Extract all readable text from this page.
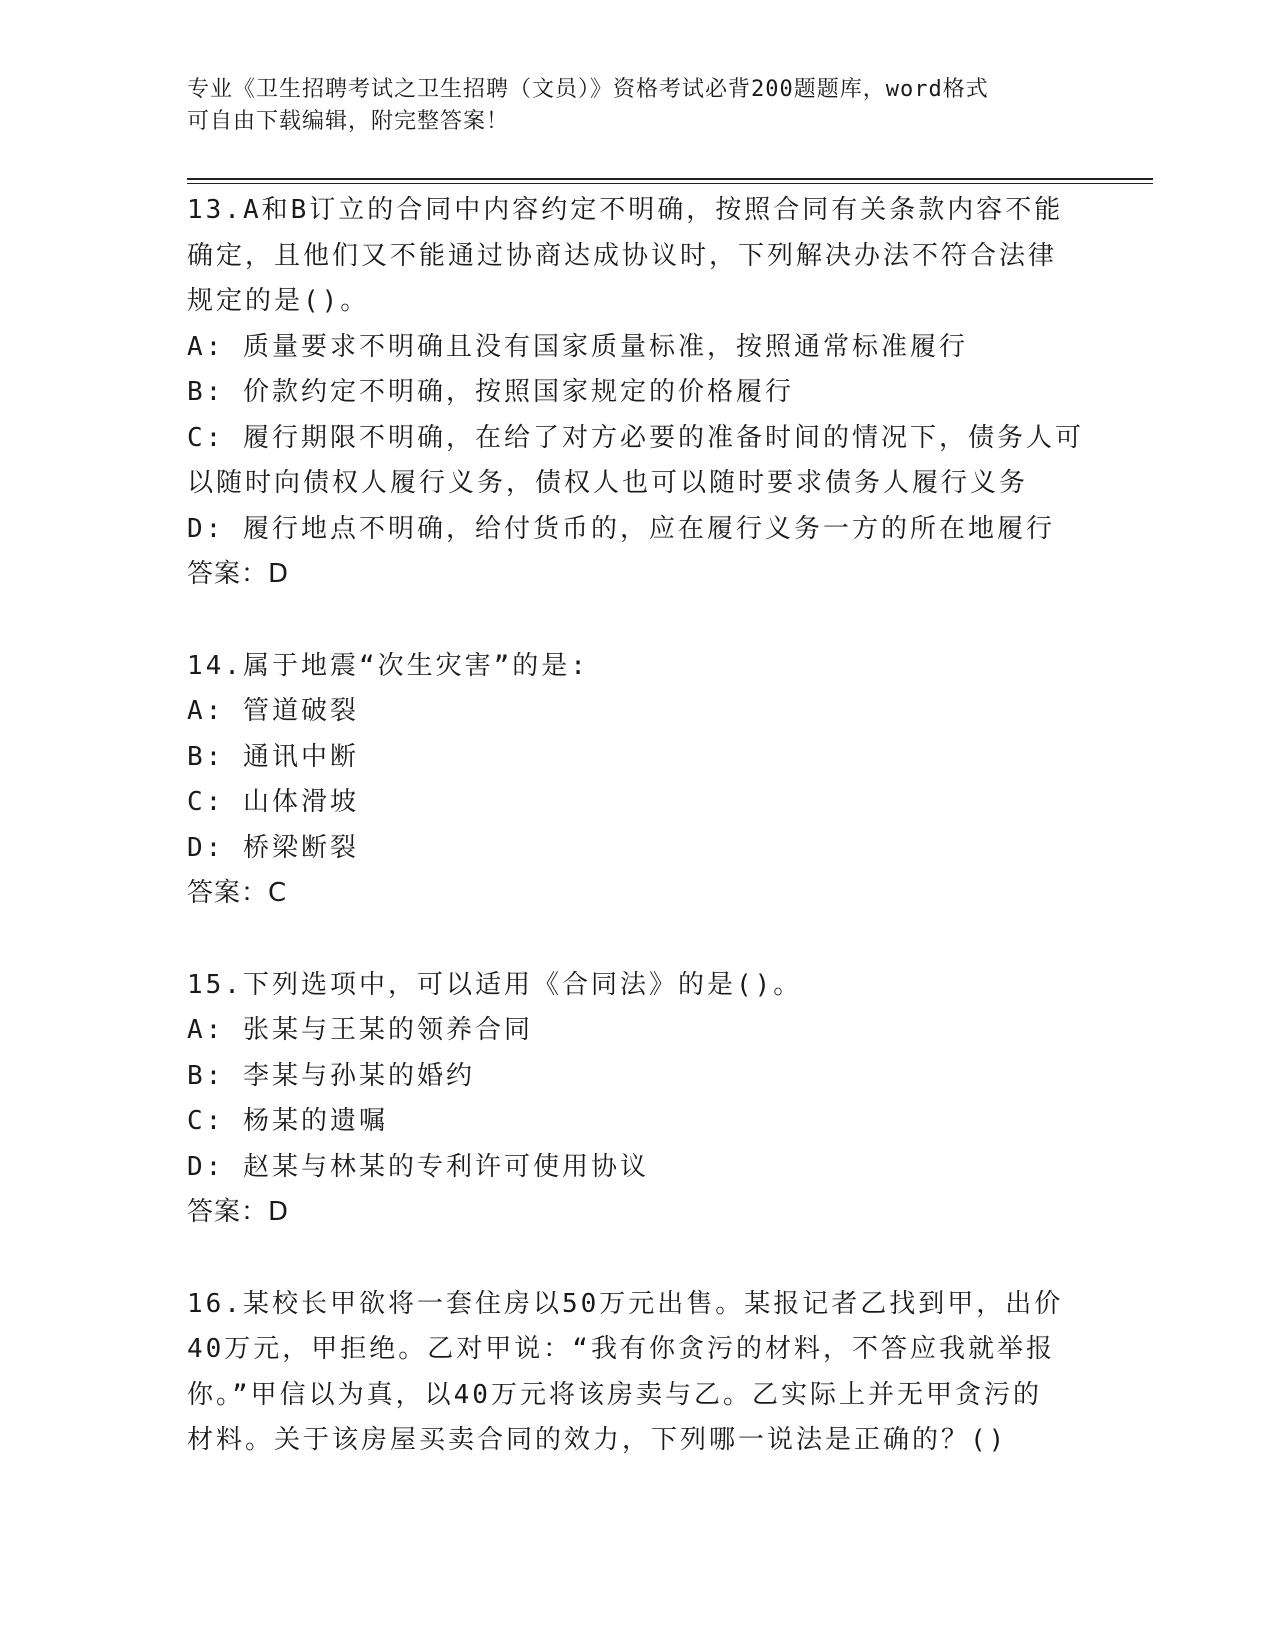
专业《卫生招聘考试之卫生招聘（文员）》资格考试必背200题题库，word格式
可自由下载编辑，附完整答案！
13.A和B订立的合同中内容约定不明确，按照合同有关条款内容不能
确定，且他们又不能通过协商达成协议时，下列解决办法不符合法律
规定的是()。
A: 质量要求不明确且没有国家质量标准，按照通常标准履行
B: 价款约定不明确，按照国家规定的价格履行
C: 履行期限不明确，在给了对方必要的准备时间的情况下，债务人可
以随时向债权人履行义务，债权人也可以随时要求债务人履行义务
D: 履行地点不明确，给付货币的，应在履行义务一方的所在地履行
答案：D
14.属于地震“次生灾害”的是:
A: 管道破裂
B: 通讯中断
C: 山体滑坡
D: 桥梁断裂
答案：C
15.下列选项中，可以适用《合同法》的是()。
A: 张某与王某的领养合同
B: 李某与孙某的婚约
C: 杨某的遗嘱
D: 赵某与林某的专利许可使用协议
答案：D
16.某校长甲欲将一套住房以50万元出售。某报记者乙找到甲，出价
40万元，甲拒绝。乙对甲说：“我有你贪污的材料，不答应我就举报
你。”甲信以为真，以40万元将该房卖与乙。乙实际上并无甲贪污的
材料。关于该房屋买卖合同的效力，下列哪一说法是正确的？()
